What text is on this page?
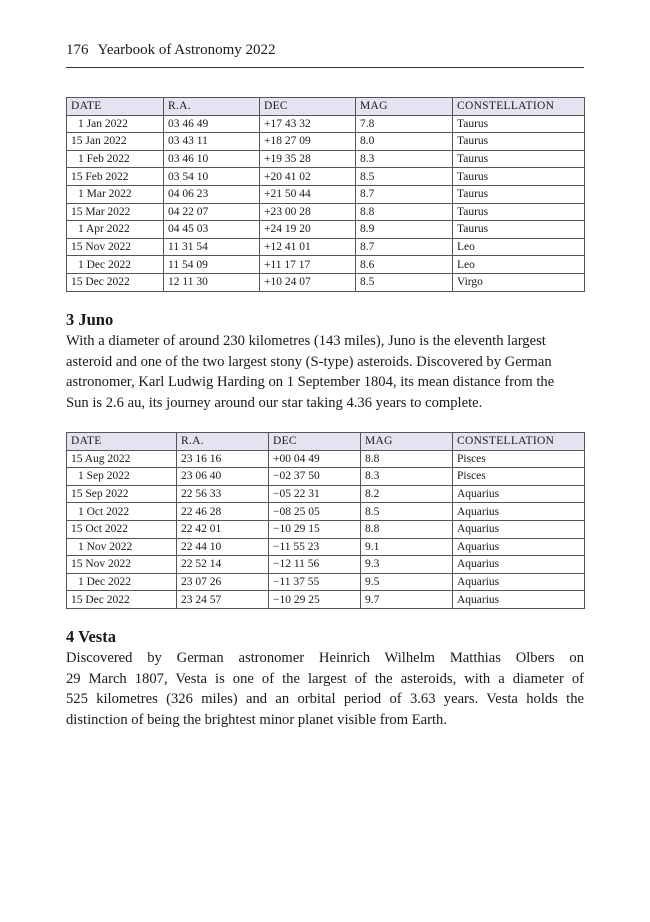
176 Yearbook of Astronomy 2022
DATE	R.A.	DEC	MAG	CONSTELLATION
1 Jan 2022	03 46 49	+17 43 32	7.8	Taurus
15 Jan 2022	03 43 11	+18 27 09	8.0	Taurus
1 Feb 2022	03 46 10	+19 35 28	8.3	Taurus
15 Feb 2022	03 54 10	+20 41 02	8.5	Taurus
1 Mar 2022	04 06 23	+21 50 44	8.7	Taurus
15 Mar 2022	04 22 07	+23 00 28	8.8	Taurus
1 Apr 2022	04 45 03	+24 19 20	8.9	Taurus
15 Nov 2022	11 31 54	+12 41 01	8.7	Leo
1 Dec 2022	11 54 09	+11 17 17	8.6	Leo
15 Dec 2022	12 11 30	+10 24 07	8.5	Virgo
3 Juno

With a diameter of around 230 kilometres (143 miles), Juno is the eleventh largest
asteroid and one of the two largest stony (S-type) asteroids. Discovered by German
astronomer, Karl Ludwig Harding on 1 September 1804, its mean distance from the
Sun is 2.6 au, its journey around our star taking 4.36 years to complete.

DATE	R.A.	DEC	MAG	CONSTELLATION
15 Aug 2022	23 16 16	+00 04 49	8.8	Pisces
1 Sep 2022	23 06 40	−02 37 50	8.3	Pisces
15 Sep 2022	22 56 33	−05 22 31	8.2	Aquarius
1 Oct 2022	22 46 28	−08 25 05	8.5	Aquarius
15 Oct 2022	22 42 01	−10 29 15	8.8	Aquarius
1 Nov 2022	22 44 10	−11 55 23	9.1	Aquarius
15 Nov 2022	22 52 14	−12 11 56	9.3	Aquarius
1 Dec 2022	23 07 26	−11 37 55	9.5	Aquarius
15 Dec 2022	23 24 57	−10 29 25	9.7	Aquarius
4 Vesta

Discovered by German astronomer Heinrich Wilhelm Matthias Olbers on
29 March 1807, Vesta is one of the largest of the asteroids, with a diameter of
525 kilometres (326 miles) and an orbital period of 3.63 years. Vesta holds the
distinction of being the brightest minor planet visible from Earth.
